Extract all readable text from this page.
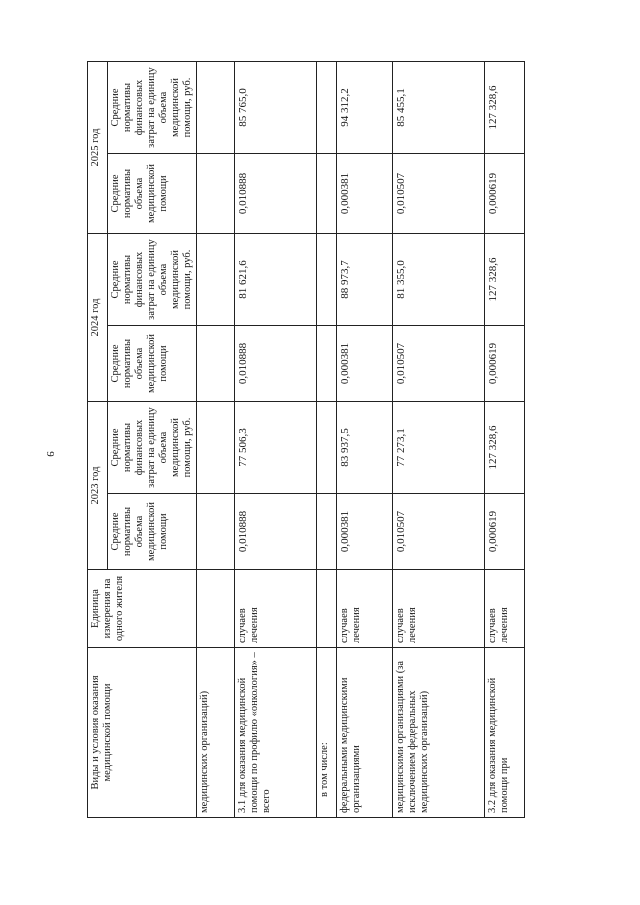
9
Виды и условия оказания медицинской помощи	Единица измерения на одного жителя	2023 год		2024 год		2025 год	
		Средние нормативы объема медицинской помощи	Средние нормативы финансовых затрат на единицу объема медицинской помощи, руб.	Средние нормативы объема медицинской помощи	Средние нормативы финансовых затрат на единицу объема медицинской помощи, руб.	Средние нормативы объема медицинской помощи	Средние нормативы финансовых затрат на единицу объема медицинской помощи, руб.
медицинских организаций)							
3.1 для оказания медицинской помощи по профилю «онкология» – всего	случаев лечения	0,010888	77 506,3	0,010888	81 621,6	0,010888	85 765,0
в том числе:							
федеральными медицинскими организациями	случаев лечения	0,000381	83 937,5	0,000381	88 973,7	0,000381	94 312,2
медицинскими организациями (за исключением федеральных медицинских организаций)	случаев лечения	0,010507	77 273,1	0,010507	81 355,0	0,010507	85 455,1
3.2 для оказания медицинской помощи при	случаев лечения	0,000619	127 328,6	0,000619	127 328,6	0,000619	127 328,6
